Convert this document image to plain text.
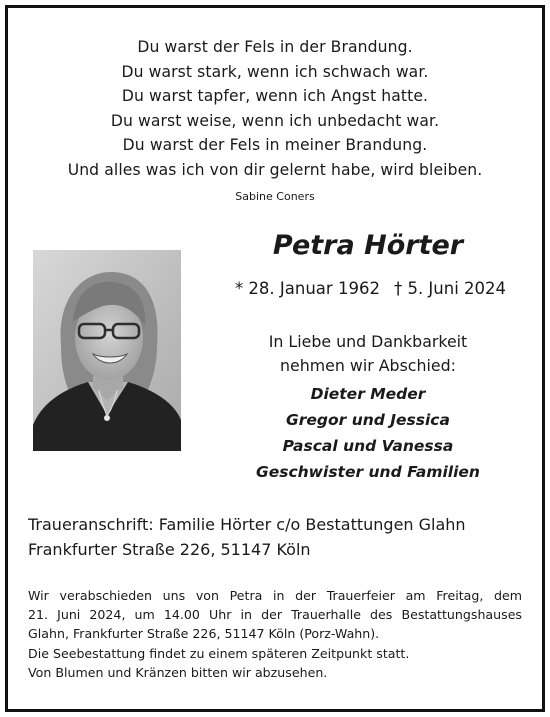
Du warst der Fels in der Brandung.
Du warst stark, wenn ich schwach war.
Du warst tapfer, wenn ich Angst hatte.
Du warst weise, wenn ich unbedacht war.
Du warst der Fels in meiner Brandung.
Und alles was ich von dir gelernt habe, wird bleiben.
Sabine Coners
Petra Hörter
* 28. Januar 1962 † 5. Juni 2024
In Liebe und Dankbarkeit
nehmen wir Abschied:
Dieter Meder
Gregor und Jessica
Pascal und Vanessa
Geschwister und Familien
Traueranschrift: Familie Hörter c/o Bestattungen Glahn
Frankfurter Straße 226, 51147 Köln
Wir verabschieden uns von Petra in der Trauerfeier am Freitag, dem
21. Juni 2024, um 14.00 Uhr in der Trauerhalle des Bestattungshauses
Glahn, Frankfurter Straße 226, 51147 Köln (Porz-Wahn).
Die Seebestattung findet zu einem späteren Zeitpunkt statt.
Von Blumen und Kränzen bitten wir abzusehen.
